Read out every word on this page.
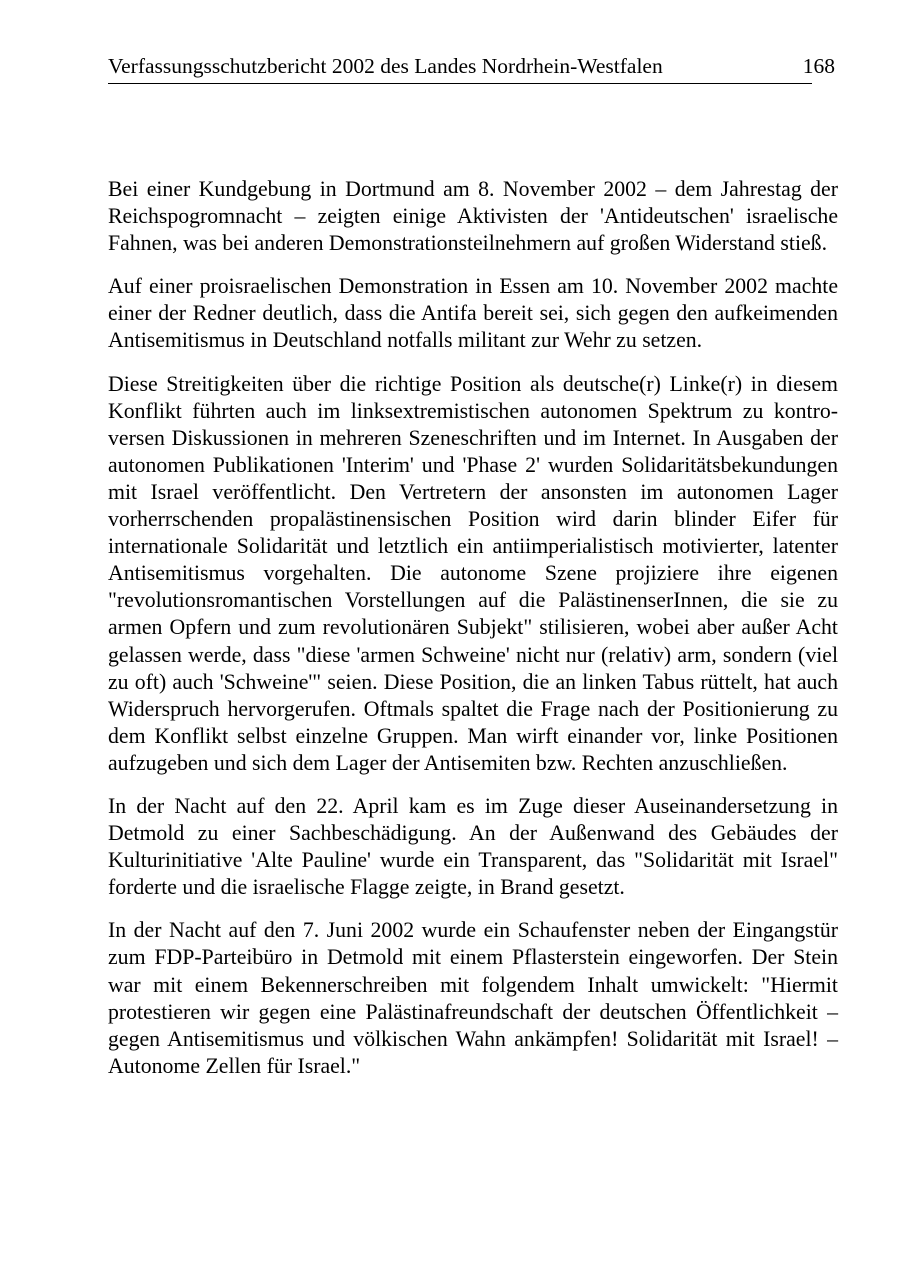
Verfassungsschutzbericht 2002 des Landes Nordrhein-Westfalen	168

Bei einer Kundgebung in Dortmund am 8. November 2002 – dem Jahrestag der Reichspogromnacht – zeigten einige Aktivisten der 'Antideutschen' israelische Fahnen, was bei anderen Demonstrationsteilnehmern auf großen Widerstand stieß.

Auf einer proisraelischen Demonstration in Essen am 10. November 2002 machte einer der Redner deutlich, dass die Antifa bereit sei, sich gegen den aufkeimenden Antisemitismus in Deutschland notfalls militant zur Wehr zu setzen.

Diese Streitigkeiten über die richtige Position als deutsche(r) Linke(r) in diesem Konflikt führten auch im linksextremistischen autonomen Spektrum zu kontroversen Diskussionen in mehreren Szeneschriften und im Internet. In Ausgaben der autonomen Publikationen 'Interim' und 'Phase 2' wurden Solidaritätsbekundungen mit Israel veröffentlicht. Den Vertretern der ansonsten im autonomen Lager vorherrschenden propalästinensischen Position wird darin blinder Eifer für internationale Solidarität und letztlich ein antiimperialistisch motivierter, latenter Antisemitismus vorgehalten. Die autonome Szene projiziere ihre eigenen "revolutionsromantischen Vorstellungen auf die PalästinenserInnen, die sie zu armen Opfern und zum revolutionären Subjekt" stilisieren, wobei aber außer Acht gelassen werde, dass "diese 'armen Schweine' nicht nur (relativ) arm, sondern (viel zu oft) auch 'Schweine'" seien. Diese Position, die an linken Tabus rüttelt, hat auch Widerspruch hervorgerufen. Oftmals spaltet die Frage nach der Positionierung zu dem Konflikt selbst einzelne Gruppen. Man wirft einander vor, linke Positionen aufzugeben und sich dem Lager der Antisemiten bzw. Rechten anzuschließen.

In der Nacht auf den 22. April kam es im Zuge dieser Auseinandersetzung in Detmold zu einer Sachbeschädigung. An der Außenwand des Gebäudes der Kulturinitiative 'Alte Pauline' wurde ein Transparent, das "Solidarität mit Israel" forderte und die israelische Flagge zeigte, in Brand gesetzt.

In der Nacht auf den 7. Juni 2002 wurde ein Schaufenster neben der Eingangstür zum FDP-Parteibüro in Detmold mit einem Pflasterstein eingeworfen. Der Stein war mit einem Bekennerschreiben mit folgendem Inhalt umwickelt: "Hiermit protestieren wir gegen eine Palästinafreundschaft der deutschen Öffentlichkeit – gegen Antisemitismus und völkischen Wahn ankämpfen! Solidarität mit Israel! – Autonome Zellen für Israel."
